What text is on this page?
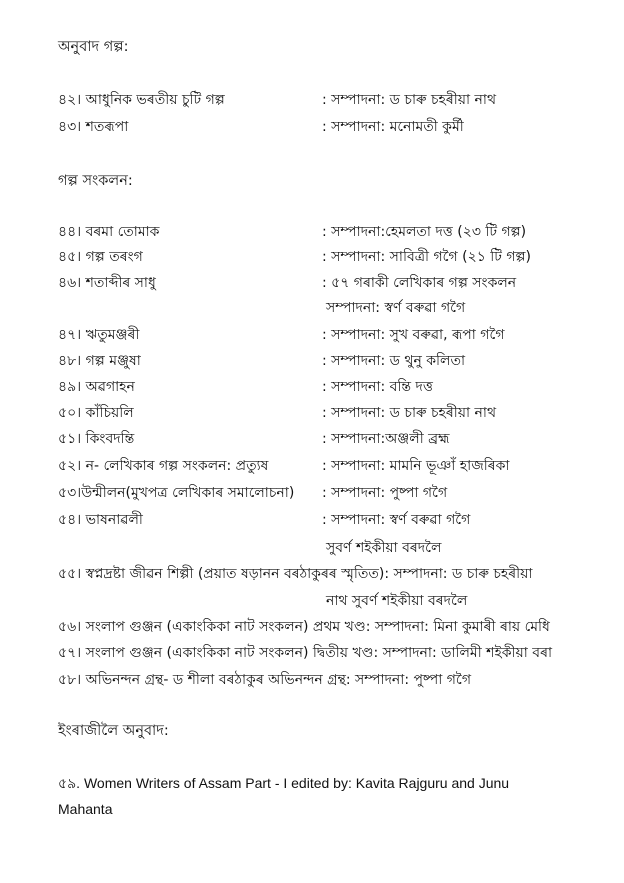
অনুবাদ গল্প:
৪২। আধুনিক ভৰতীয় চুটি গল্প	: সম্পাদনা: ড চাৰু চহৰীয়া নাথ
৪৩। শতৰূপা	: সম্পাদনা: মনোমতী কুৰ্মী
গল্প সংকলন:
৪৪। বৰমা তোমাক	: সম্পাদনা:হেমলতা দত্ত (২৩ টি গল্প)
৪৫। গল্প তৰংগ	: সম্পাদনা: সাবিত্ৰী গগৈ (২১ টি গল্প)
৪৬। শতাব্দীৰ সাধু	: ৫৭ গৰাকী লেখিকাৰ গল্প সংকলন
সম্পাদনা: স্বৰ্ণ বৰুৱা গগৈ
৪৭। ঋতুমঞ্জৰী	: সম্পাদনা: সুখ বৰুৱা, ৰূপা গগৈ
৪৮। গল্প মঞ্জুষা	: সম্পাদনা: ড থুনু কলিতা
৪৯। অৱগাহন	: সম্পাদনা: বন্তি দত্ত
৫০। কাঁচিয়লি	: সম্পাদনা: ড চাৰু চহৰীয়া নাথ
৫১। কিংবদন্তি	: সম্পাদনা:অঞ্জলী ব্ৰহ্ম
৫২। ন- লেখিকাৰ গল্প সংকলন: প্ৰত্যুষ	: সম্পাদনা: মামনি ভূঞাঁ হাজৰিকা
৫৩।উন্মীলন(মুখপত্ৰ লেখিকাৰ সমালোচনা) : সম্পাদনা: পুষ্পা গগৈ
৫৪। ভাষনাৱলী	: সম্পাদনা: স্বৰ্ণ বৰুৱা গগৈ
সুবৰ্ণ শইকীয়া বৰদলৈ
৫৫। স্বপ্নদ্ৰষ্টা জীৱন শিল্পী (প্ৰয়াত ষড়ানন বৰঠাকুৰৰ স্মৃতিত): সম্পাদনা: ড চাৰু চহৰীয়া
নাথ সুবৰ্ণ শইকীয়া বৰদলৈ
৫৬। সংলাপ গুঞ্জন (একাংকিকা নাট সংকলন) প্ৰথম খণ্ড: সম্পাদনা: মিনা কুমাৰী ৰায় মেধি
৫৭। সংলাপ গুঞ্জন (একাংকিকা নাট সংকলন) দ্বিতীয় খণ্ড: সম্পাদনা: ডালিমী শইকীয়া বৰা
৫৮। অভিনন্দন গ্ৰন্থ- ড শীলা বৰঠাকুৰ অভিনন্দন গ্ৰন্থ: সম্পাদনা: পুষ্পা গগৈ
ইংৰাজীলৈ অনুবাদ:
৫৯. Women Writers of Assam Part - I edited by: Kavita Rajguru and Junu
Mahanta
